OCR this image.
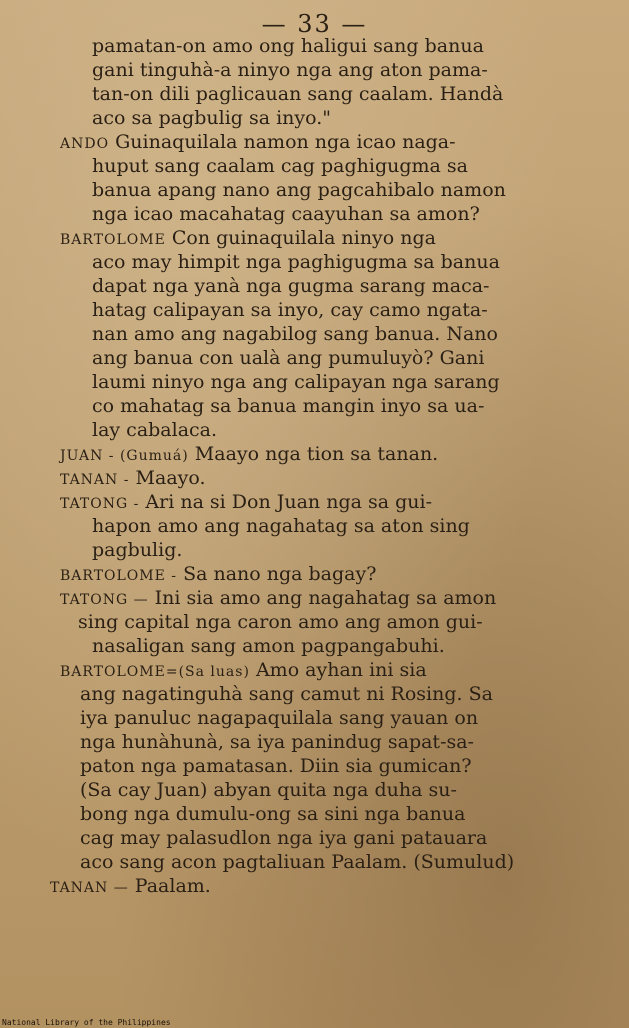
— 33 —
pamatan-on amo ong haligui sang banua
gani tinguhà-a ninyo nga ang aton pama-
tan-on dili paglicauan sang caalam. Handà
aco sa pagbulig sa inyo."
ANDO Guinaquilala namon nga icao naga-
huput sang caalam cag paghigugma sa
banua apang nano ang pagcahibalo namon
nga icao macahatag caayuhan sa amon?
BARTOLOME Con guinaquilala ninyo nga
aco may himpit nga paghigugma sa banua
dapat nga yanà nga gugma sarang maca-
hatag calipayan sa inyo, cay camo ngata-
nan amo ang nagabilog sang banua. Nano
ang banua con ualà ang pumuluyò? Gani
laumi ninyo nga ang calipayan nga sarang
co mahatag sa banua mangin inyo sa ua-
lay cabalaca.
JUAN - (Gumuá) Maayo nga tion sa tanan.
TANAN - Maayo.
TATONG - Ari na si Don Juan nga sa gui-
hapon amo ang nagahatag sa aton sing
pagbulig.
BARTOLOME - Sa nano nga bagay?
TATONG — Ini sia amo ang nagahatag sa amon
sing capital nga caron amo ang amon gui-
nasaligan sang amon pagpangabuhi.
BARTOLOME=(Sa luas) Amo ayhan ini sia
ang nagatinguhà sang camut ni Rosing. Sa
iya panuluc nagapaquilala sang yauan on
nga hunàhunà, sa iya panindug sapat-sa-
paton nga pamatasan. Diin sia gumican?
(Sa cay Juan) abyan quita nga duha su-
bong nga dumulu-ong sa sini nga banua
cag may palasudlon nga iya gani patauara
aco sang acon pagtaliuan Paalam. (Sumulud)
TANAN — Paalam.
National Library of the Philippines
